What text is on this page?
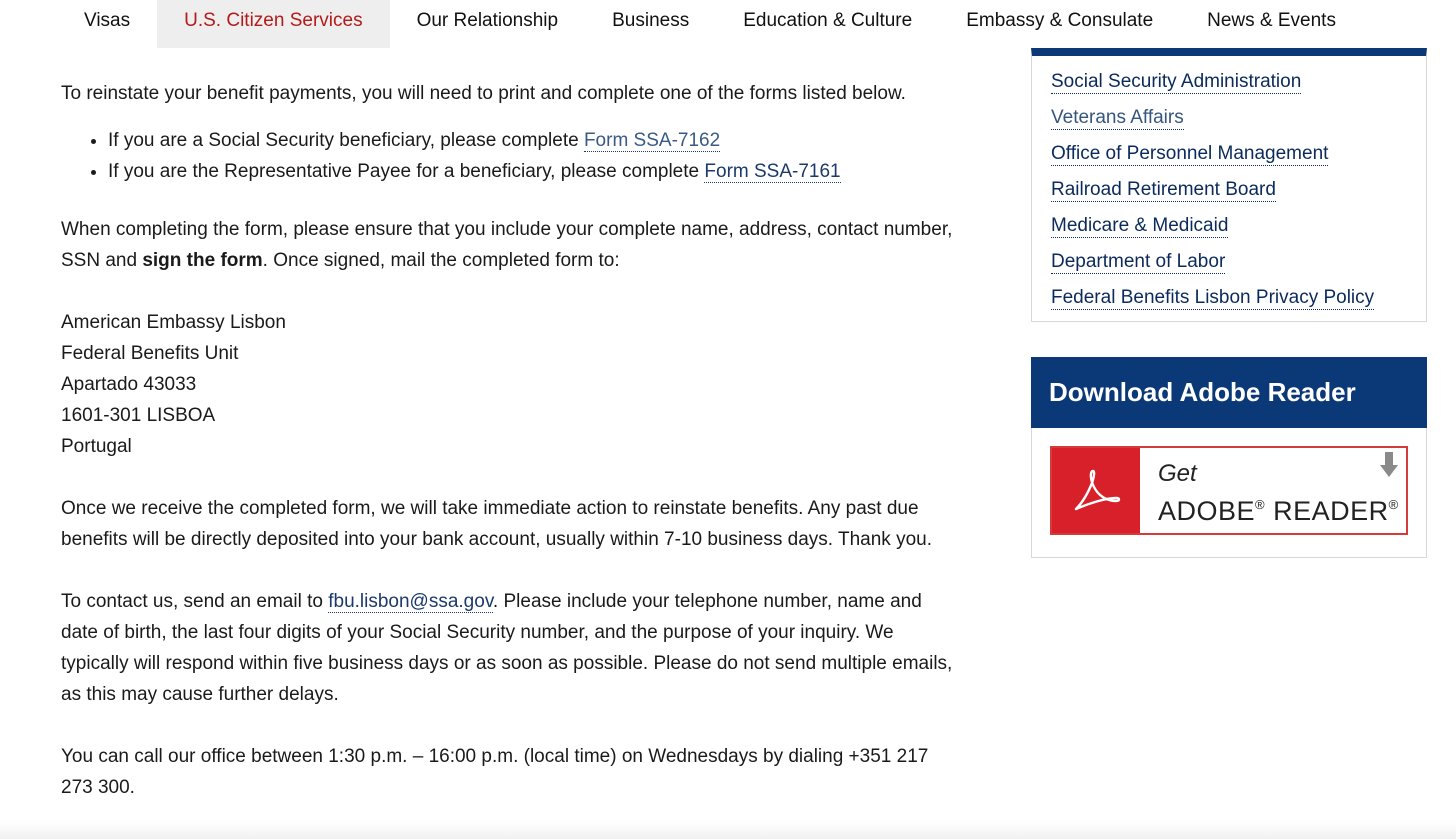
Visas	U.S. Citizen Services	Our Relationship	Business	Education & Culture	Embassy & Consulate	News & Events

To reinstate your benefit payments, you will need to print and complete one of the forms listed below.

• If you are a Social Security beneficiary, please complete Form SSA-7162
• If you are the Representative Payee for a beneficiary, please complete Form SSA-7161

When completing the form, please ensure that you include your complete name, address, contact number, SSN and sign the form. Once signed, mail the completed form to:

American Embassy Lisbon
Federal Benefits Unit
Apartado 43033
1601-301 LISBOA
Portugal

Once we receive the completed form, we will take immediate action to reinstate benefits. Any past due benefits will be directly deposited into your bank account, usually within 7-10 business days. Thank you.

To contact us, send an email to fbu.lisbon@ssa.gov. Please include your telephone number, name and date of birth, the last four digits of your Social Security number, and the purpose of your inquiry. We typically will respond within five business days or as soon as possible. Please do not send multiple emails, as this may cause further delays.

You can call our office between 1:30 p.m. – 16:00 p.m. (local time) on Wednesdays by dialing +351 217 273 300.

Social Security Administration
Veterans Affairs
Office of Personnel Management
Railroad Retirement Board
Medicare & Medicaid
Department of Labor
Federal Benefits Lisbon Privacy Policy
Download Adobe Reader
Get
ADOBE® READER®
